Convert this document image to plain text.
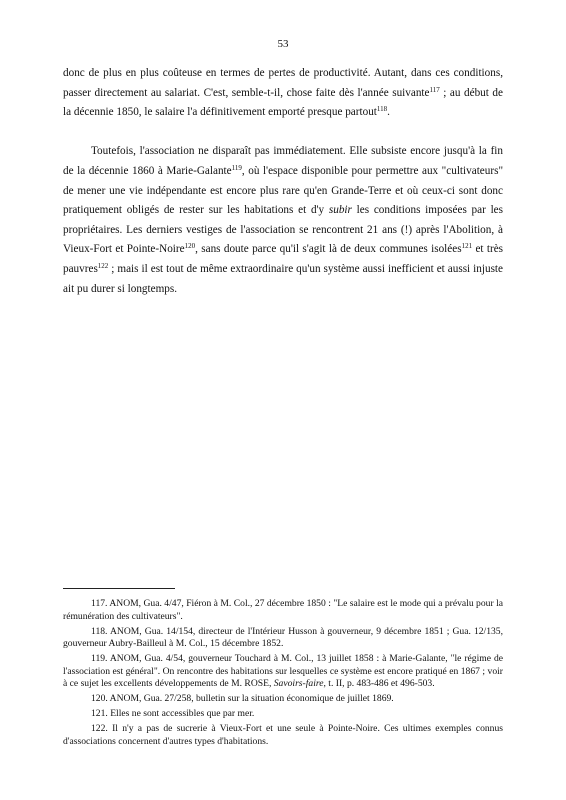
53

donc de plus en plus coûteuse en termes de pertes de productivité. Autant, dans ces conditions, passer directement au salariat. C'est, semble-t-il, chose faite dès l'année suivante$^{117}$ ; au début de la décennie 1850, le salaire l'a définitivement emporté presque partout$^{118}$.

Toutefois, l'association ne disparaît pas immédiatement. Elle subsiste encore jusqu'à la fin de la décennie 1860 à Marie-Galante$^{119}$, où l'espace disponible pour permettre aux "cultivateurs" de mener une vie indépendante est encore plus rare qu'en Grande-Terre et où ceux-ci sont donc pratiquement obligés de rester sur les habitations et d'y subir les conditions imposées par les propriétaires. Les derniers vestiges de l'association se rencontrent 21 ans (!) après l'Abolition, à Vieux-Fort et Pointe-Noire$^{120}$, sans doute parce qu'il s'agit là de deux communes isolées$^{121}$ et très pauvres$^{122}$ ; mais il est tout de même extraordinaire qu'un système aussi inefficient et aussi injuste ait pu durer si longtemps.

117. ANOM, Gua. 4/47, Fiéron à M. Col., 27 décembre 1850 : "Le salaire est le mode qui a prévalu pour la rémunération des cultivateurs".

118. ANOM, Gua. 14/154, directeur de l'Intérieur Husson à gouverneur, 9 décembre 1851 ; Gua. 12/135, gouverneur Aubry-Bailleul à M. Col., 15 décembre 1852.

119. ANOM, Gua. 4/54, gouverneur Touchard à M. Col., 13 juillet 1858 : à Marie-Galante, "le régime de l'association est général". On rencontre des habitations sur lesquelles ce système est encore pratiqué en 1867 ; voir à ce sujet les excellents développements de M. ROSE, Savoirs-faire, t. II, p. 483-486 et 496-503.

120. ANOM, Gua. 27/258, bulletin sur la situation économique de juillet 1869.

121. Elles ne sont accessibles que par mer.

122. Il n'y a pas de sucrerie à Vieux-Fort et une seule à Pointe-Noire. Ces ultimes exemples connus d'associations concernent d'autres types d'habitations.
